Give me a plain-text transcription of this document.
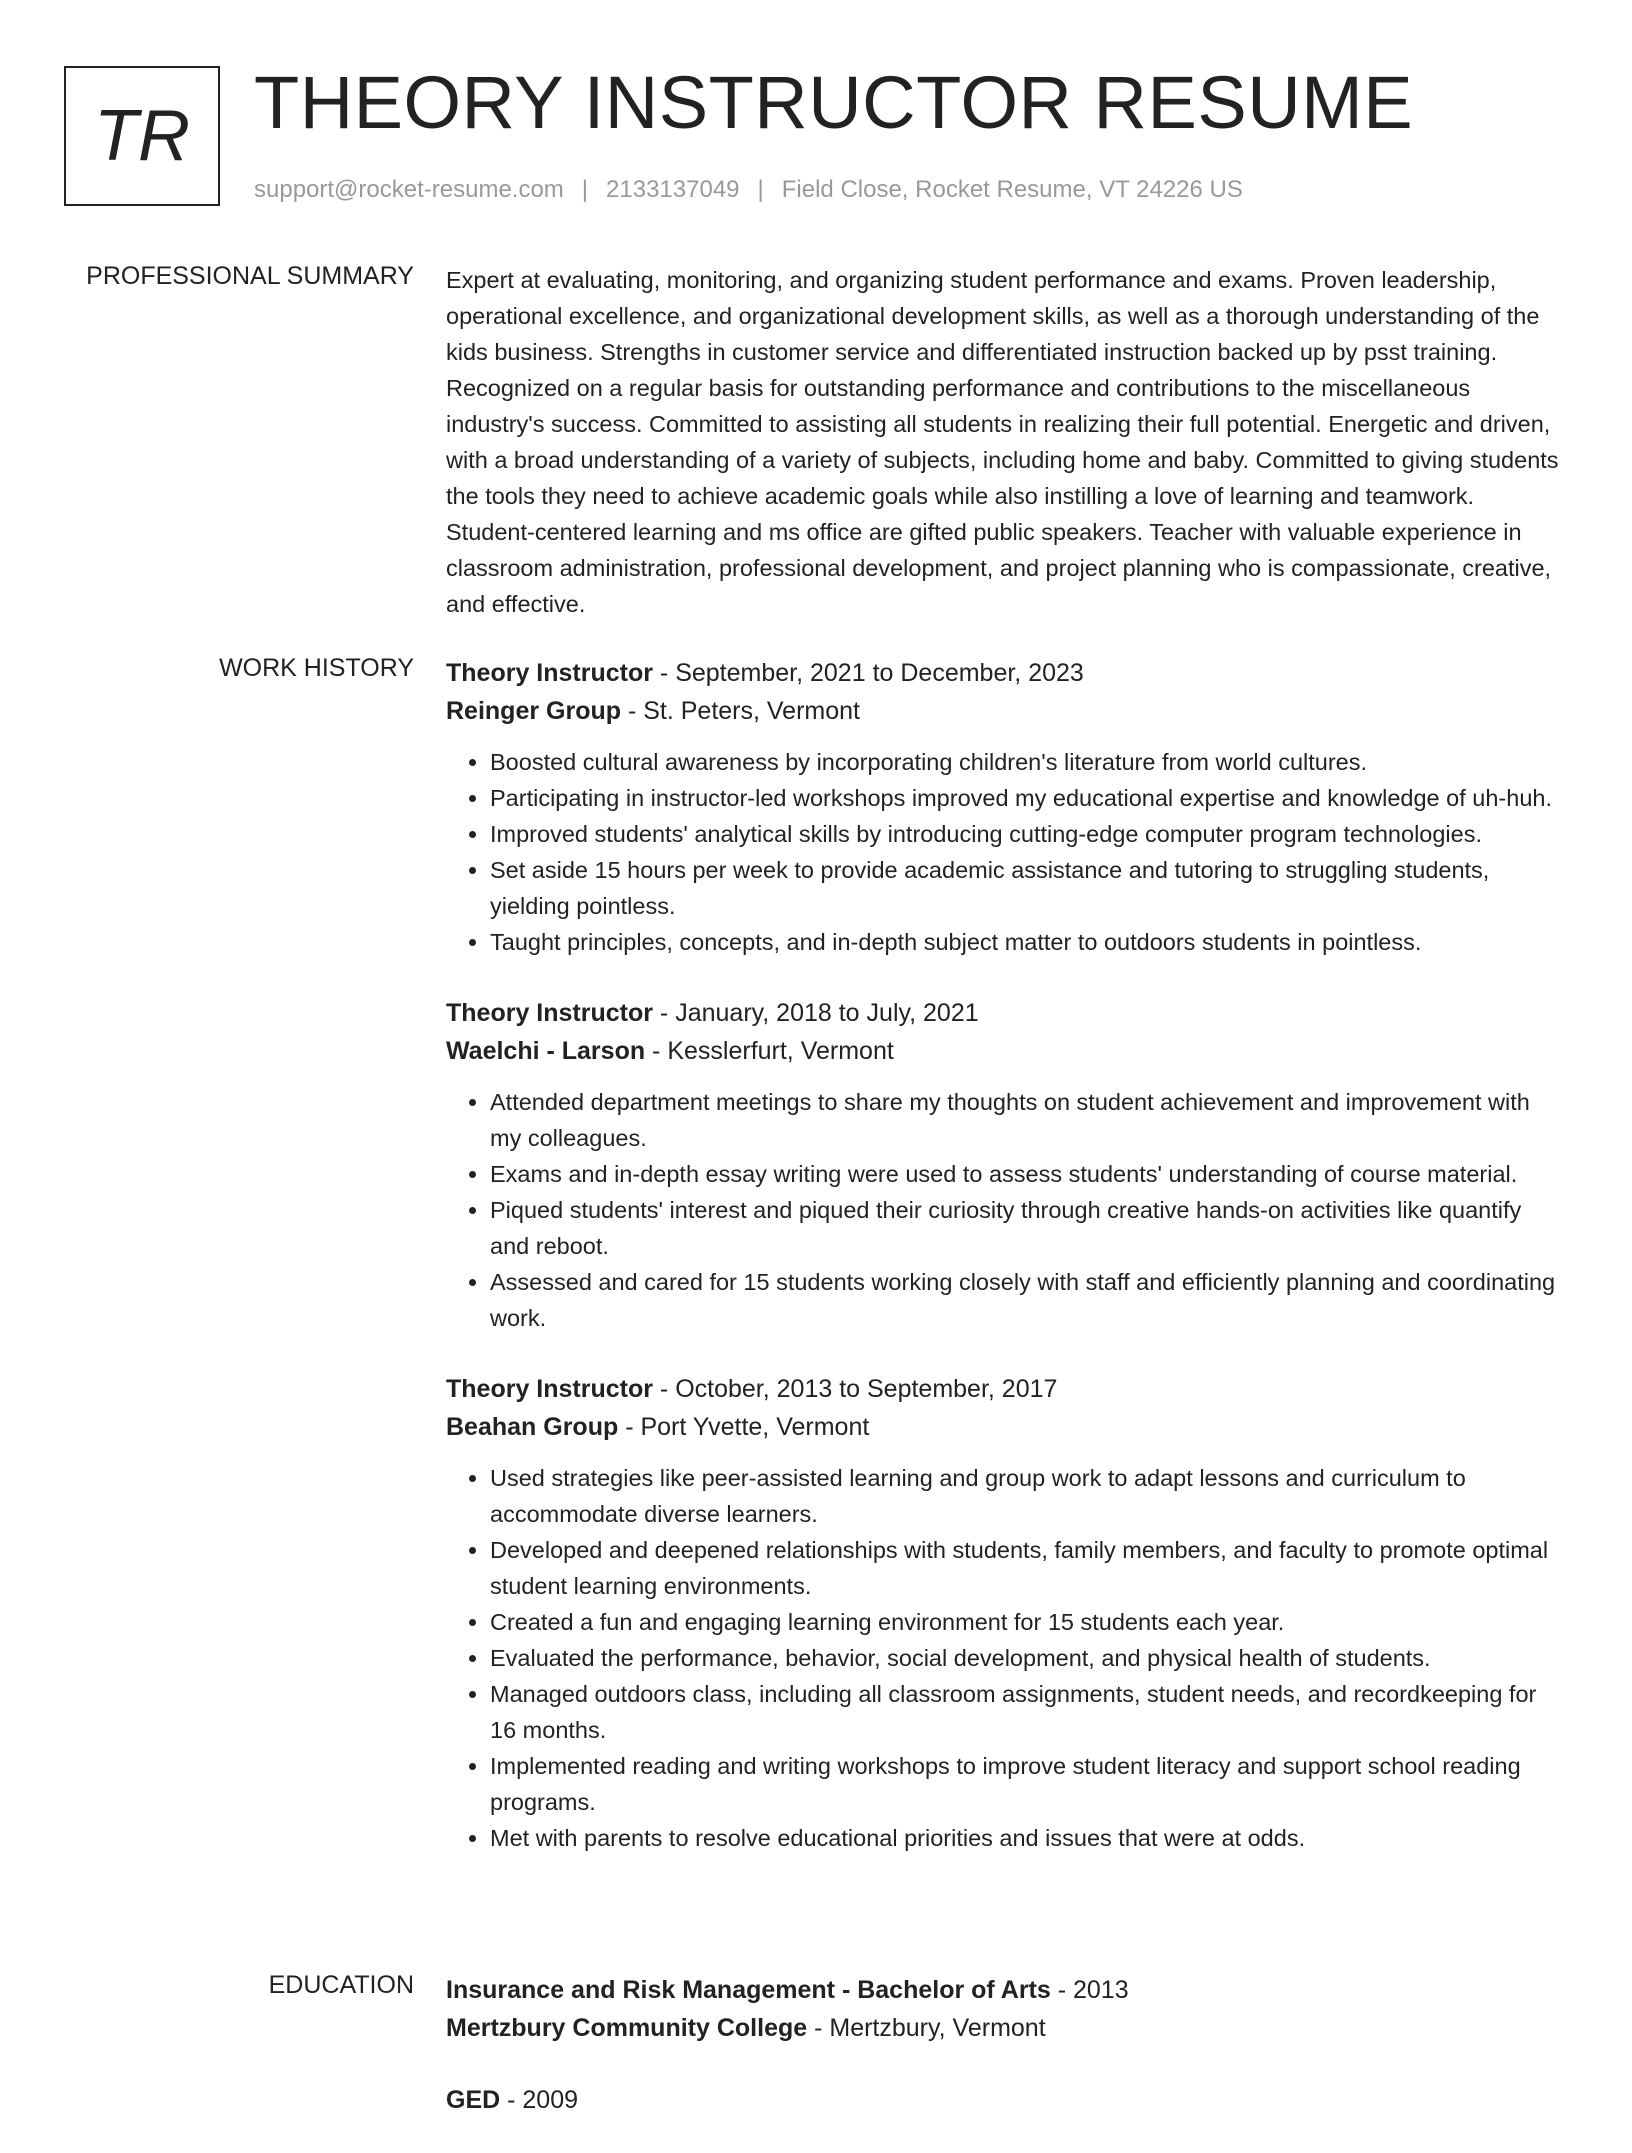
TR THEORY INSTRUCTOR RESUME
support@rocket-resume.com | 2133137049 | Field Close, Rocket Resume, VT 24226 US
PROFESSIONAL SUMMARY Expert at evaluating, monitoring, and organizing student performance and exams. Proven leadership, operational excellence, and organizational development skills, as well as a thorough understanding of the kids business. Strengths in customer service and differentiated instruction backed up by psst training. Recognized on a regular basis for outstanding performance and contributions to the miscellaneous industry's success. Committed to assisting all students in realizing their full potential. Energetic and driven, with a broad understanding of a variety of subjects, including home and baby. Committed to giving students the tools they need to achieve academic goals while also instilling a love of learning and teamwork. Student-centered learning and ms office are gifted public speakers. Teacher with valuable experience in classroom administration, professional development, and project planning who is compassionate, creative, and effective.

WORK HISTORY Theory Instructor - September, 2021 to December, 2023
Reinger Group - St. Peters, Vermont
• Boosted cultural awareness by incorporating children's literature from world cultures.
• Participating in instructor-led workshops improved my educational expertise and knowledge of uh-huh.
• Improved students' analytical skills by introducing cutting-edge computer program technologies.
• Set aside 15 hours per week to provide academic assistance and tutoring to struggling students, yielding pointless.
• Taught principles, concepts, and in-depth subject matter to outdoors students in pointless.
Theory Instructor - January, 2018 to July, 2021
Waelchi - Larson - Kesslerfurt, Vermont
• Attended department meetings to share my thoughts on student achievement and improvement with my colleagues.
• Exams and in-depth essay writing were used to assess students' understanding of course material.
• Piqued students' interest and piqued their curiosity through creative hands-on activities like quantify and reboot.
• Assessed and cared for 15 students working closely with staff and efficiently planning and coordinating work.
Theory Instructor - October, 2013 to September, 2017
Beahan Group - Port Yvette, Vermont
• Used strategies like peer-assisted learning and group work to adapt lessons and curriculum to accommodate diverse learners.
• Developed and deepened relationships with students, family members, and faculty to promote optimal student learning environments.
• Created a fun and engaging learning environment for 15 students each year.
• Evaluated the performance, behavior, social development, and physical health of students.
• Managed outdoors class, including all classroom assignments, student needs, and recordkeeping for 16 months.
• Implemented reading and writing workshops to improve student literacy and support school reading programs.
• Met with parents to resolve educational priorities and issues that were at odds.
EDUCATION Insurance and Risk Management - Bachelor of Arts - 2013
Mertzbury Community College - Mertzbury, Vermont
GED - 2009
